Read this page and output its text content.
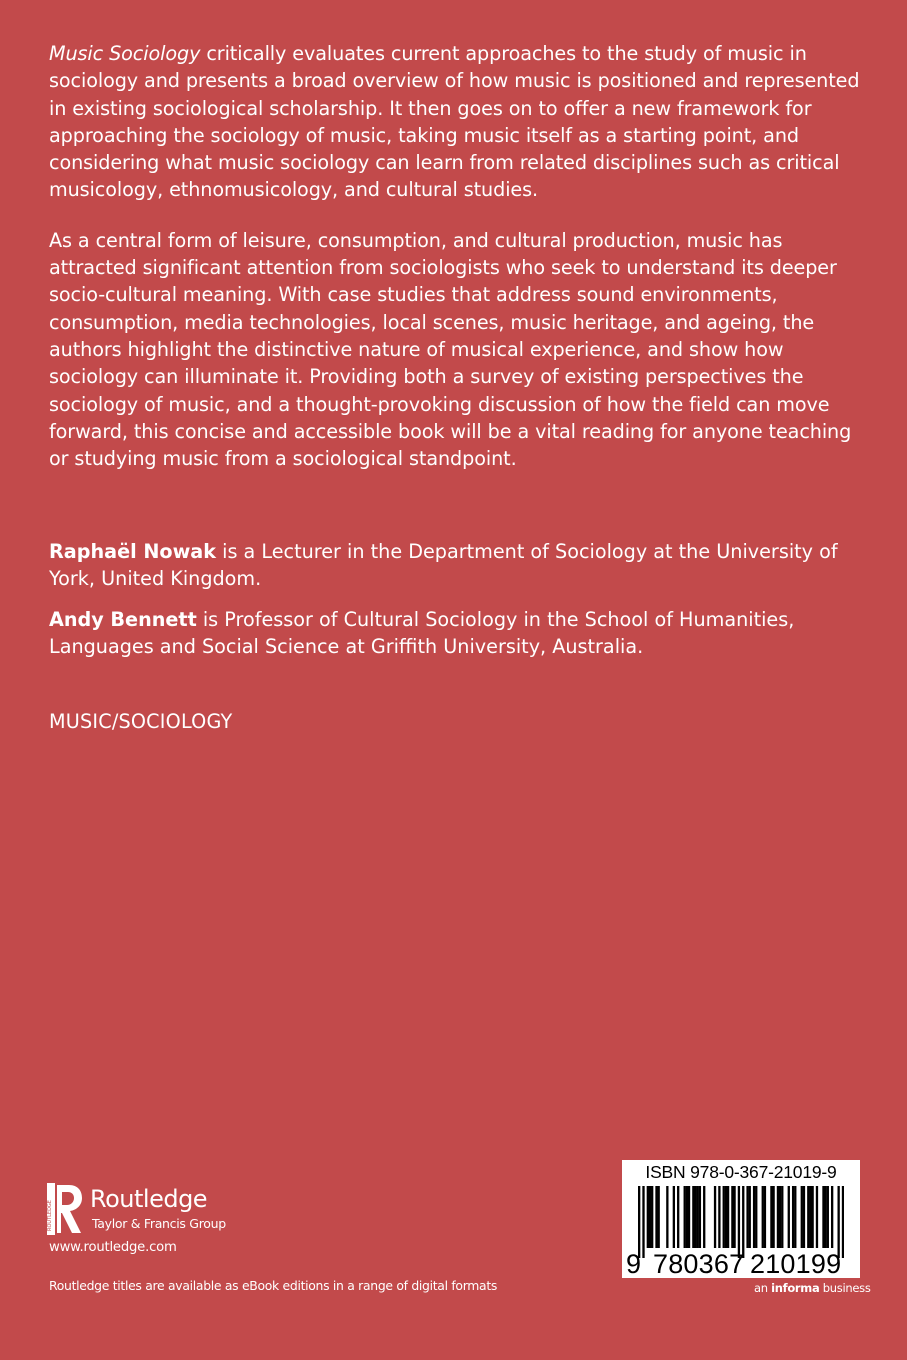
Music Sociology critically evaluates current approaches to the study of music in sociology and presents a broad overview of how music is positioned and represented in existing sociological scholarship. It then goes on to offer a new framework for approaching the sociology of music, taking music itself as a starting point, and considering what music sociology can learn from related disciplines such as critical musicology, ethnomusicology, and cultural studies.

As a central form of leisure, consumption, and cultural production, music has attracted significant attention from sociologists who seek to understand its deeper socio-cultural meaning. With case studies that address sound environments, consumption, media technologies, local scenes, music heritage, and ageing, the authors highlight the distinctive nature of musical experience, and show how sociology can illuminate it. Providing both a survey of existing perspectives the sociology of music, and a thought-provoking discussion of how the field can move forward, this concise and accessible book will be a vital reading for anyone teaching or studying music from a sociological standpoint.

Raphaël Nowak is a Lecturer in the Department of Sociology at the University of York, United Kingdom.

Andy Bennett is Professor of Cultural Sociology in the School of Humanities, Languages and Social Science at Griffith University, Australia.

MUSIC/SOCIOLOGY
ROUTLEDGE
Routledge
Taylor & Francis Group
www.routledge.com
Routledge titles are available as eBook editions in a range of digital formats
ISBN 978-0-367-21019-9
9 780367 210199
an informa business
